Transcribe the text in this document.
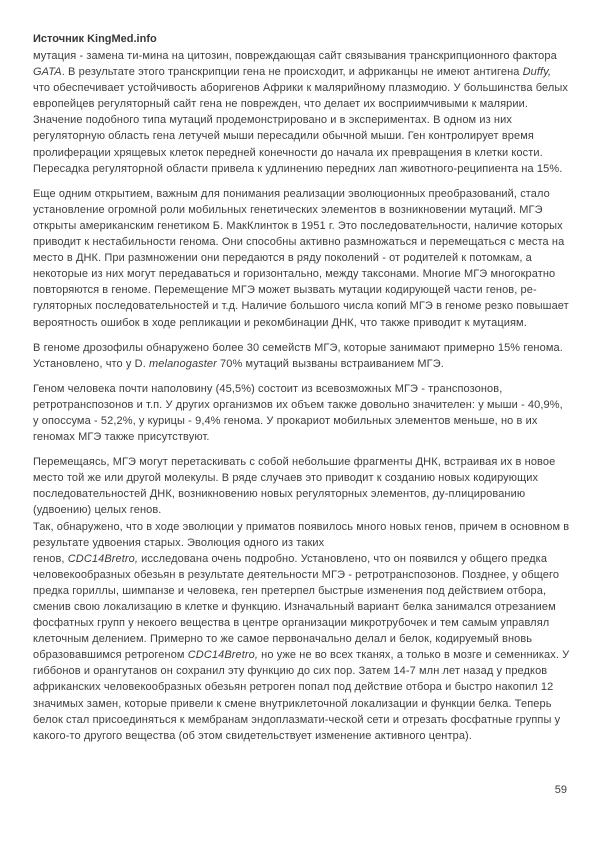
Источник KingMed.info

мутация - замена ти-мина на цитозин, повреждающая сайт связывания транскрипционного фактора GATA. В результате этого транскрипции гена не происходит, и африканцы не имеют антигена Duffy, что обеспечивает устойчивость аборигенов Африки к малярийному плазмодию. У большинства белых европейцев регуляторный сайт гена не поврежден, что делает их восприимчивыми к малярии.
Значение подобного типа мутаций продемонстрировано и в экспериментах. В одном из них регуляторную область гена летучей мыши пересадили обычной мыши. Ген контролирует время пролиферации хрящевых клеток передней конечности до начала их превращения в клетки кости. Пересадка регуляторной области привела к удлинению передних лап животного-реципиента на 15%.

Еще одним открытием, важным для понимания реализации эволюционных преобразований, стало установление огромной роли мобильных генетических элементов в возникновении мутаций. МГЭ открыты американским генетиком Б. МакКлинток в 1951 г. Это последовательности, наличие которых приводит к нестабильности генома. Они способны активно размножаться и перемещаться с места на место в ДНК. При размножении они передаются в ряду поколений - от родителей к потомкам, а некоторые из них могут передаваться и горизонтально, между таксонами. Многие МГЭ многократно повторяются в геноме. Перемещение МГЭ может вызвать мутации кодирующей части генов, ре-гуляторных последовательностей и т.д. Наличие большого числа копий МГЭ в геноме резко повышает вероятность ошибок в ходе репликации и рекомбинации ДНК, что также приводит к мутациям.

В геноме дрозофилы обнаружено более 30 семейств МГЭ, которые занимают примерно 15% генома. Установлено, что у D. melanogaster 70% мутаций вызваны встраиванием МГЭ.

Геном человека почти наполовину (45,5%) состоит из всевозможных МГЭ - транспозонов, ретротранспозонов и т.п. У других организмов их объем также довольно значителен: у мыши - 40,9%, у опоссума - 52,2%, у курицы - 9,4% генома. У прокариот мобильных элементов меньше, но в их геномах МГЭ также присутствуют.

Перемещаясь, МГЭ могут перетаскивать с собой небольшие фрагменты ДНК, встраивая их в новое место той же или другой молекулы. В ряде случаев это приводит к созданию новых кодирующих последовательностей ДНК, возникновению новых регуляторных элементов, ду-плицированию (удвоению) целых генов.
Так, обнаружено, что в ходе эволюции у приматов появилось много новых генов, причем в основном в результате удвоения старых. Эволюция одного из таких
генов, CDC14Bretro, исследована очень подробно. Установлено, что он появился у общего предка человекообразных обезьян в результате деятельности МГЭ - ретротранспозонов. Позднее, у общего предка гориллы, шимпанзе и человека, ген претерпел быстрые изменения под действием отбора, сменив свою локализацию в клетке и функцию. Изначальный вариант белка занимался отрезанием фосфатных групп у некоего вещества в центре организации микротрубочек и тем самым управлял клеточным делением. Примерно то же самое первоначально делал и белок, кодируемый вновь образовавшимся ретрогеном CDC14Bretro, но уже не во всех тканях, а только в мозге и семенниках. У гиббонов и орангутанов он сохранил эту функцию до сих пор. Затем 14-7 млн лет назад у предков африканских человекообразных обезьян ретроген попал под действие отбора и быстро накопил 12 значимых замен, которые привели к смене внутриклеточной локализации и функции белка. Теперь белок стал присоединяться к мембранам эндоплазмати-ческой сети и отрезать фосфатные группы у какого-то другого вещества (об этом свидетельствует изменение активного центра).

59
